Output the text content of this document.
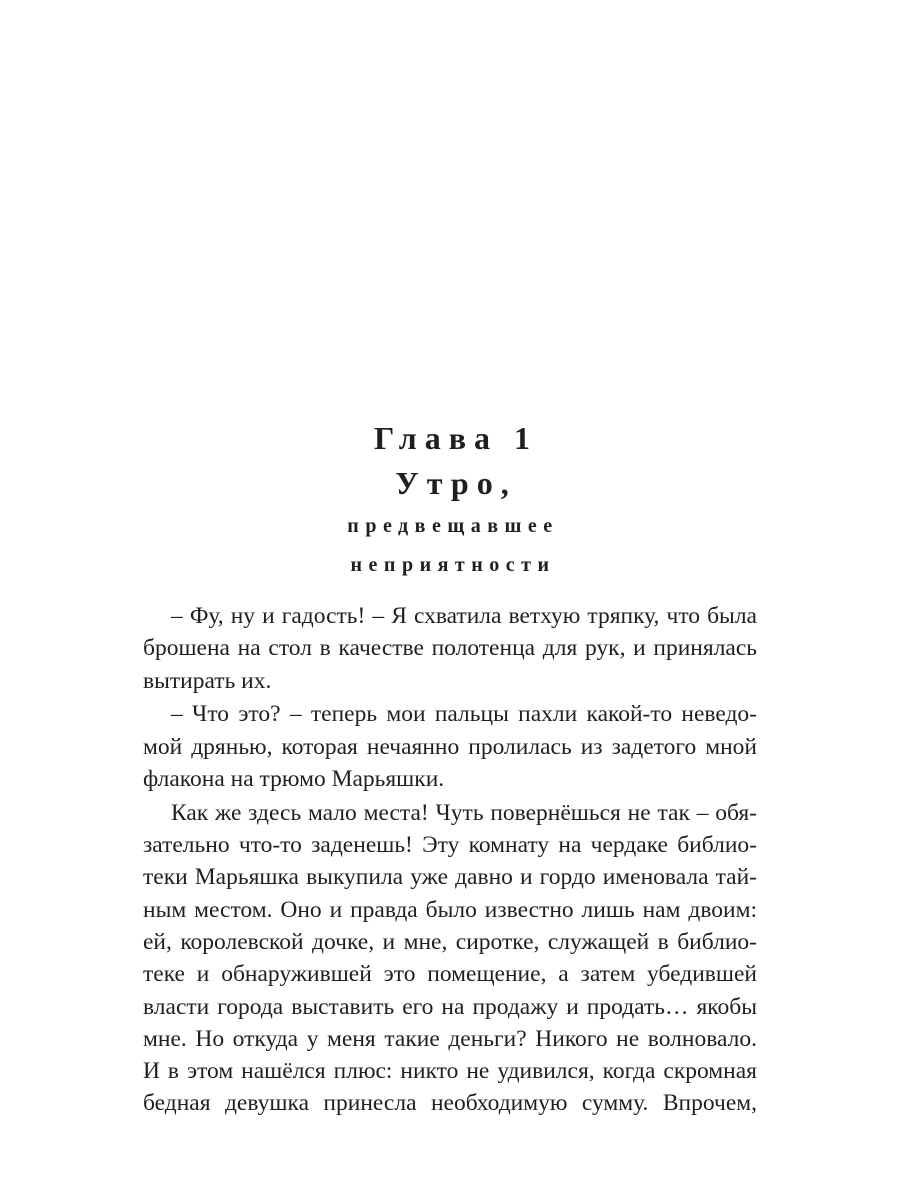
Глава 1
Утро,
предвещавшее
неприятности
– Фу, ну и гадость! – Я схватила ветхую тряпку, что была
брошена на стол в качестве полотенца для рук, и принялась
вытирать их.
– Что это? – теперь мои пальцы пахли какой-то неведо-
мой дрянью, которая нечаянно пролилась из задетого мной
флакона на трюмо Марьяшки.
Как же здесь мало места! Чуть повернёшься не так – обя-
зательно что-то заденешь! Эту комнату на чердаке библио-
теки Марьяшка выкупила уже давно и гордо именовала тай-
ным местом. Оно и правда было известно лишь нам двоим:
ей, королевской дочке, и мне, сиротке, служащей в библио-
теке и обнаружившей это помещение, а затем убедившей
власти города выставить его на продажу и продать… якобы
мне. Но откуда у меня такие деньги? Никого не волновало.
И в этом нашёлся плюс: никто не удивился, когда скромная
бедная девушка принесла необходимую сумму. Впрочем,
